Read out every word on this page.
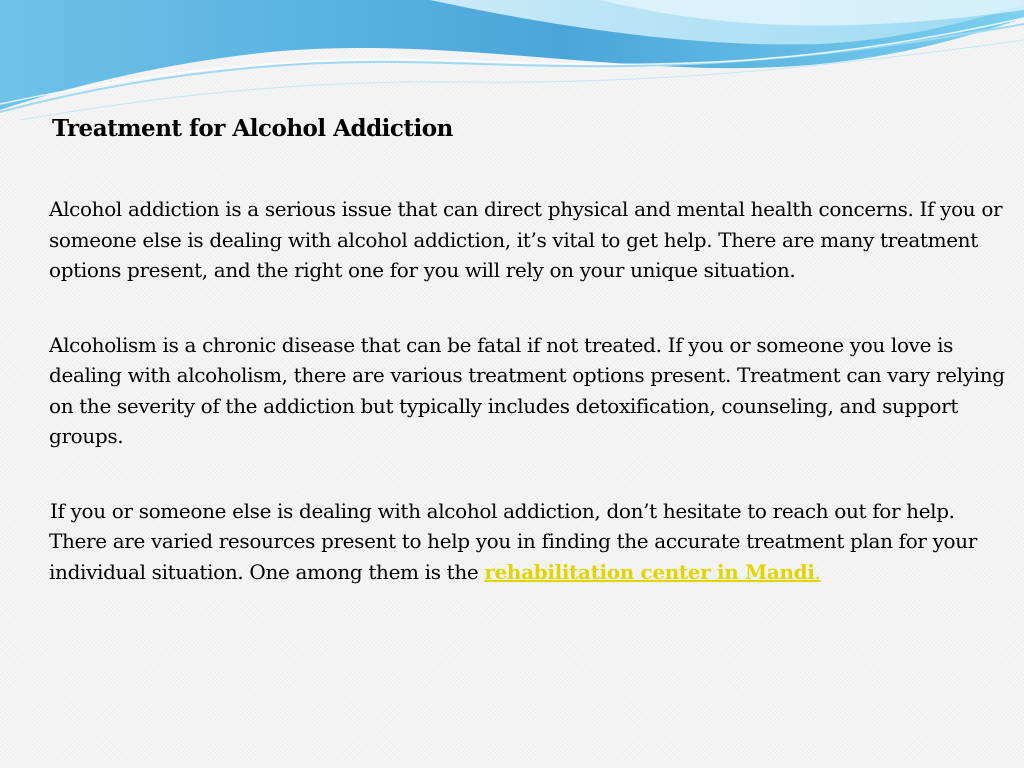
Treatment for Alcohol Addiction

Alcohol addiction is a serious issue that can direct physical and mental health concerns. If you or someone else is dealing with alcohol addiction, it’s vital to get help. There are many treatment options present, and the right one for you will rely on your unique situation.

Alcoholism is a chronic disease that can be fatal if not treated. If you or someone you love is dealing with alcoholism, there are various treatment options present. Treatment can vary relying on the severity of the addiction but typically includes detoxification, counseling, and support groups.

If you or someone else is dealing with alcohol addiction, don’t hesitate to reach out for help. There are varied resources present to help you in finding the accurate treatment plan for your individual situation. One among them is the rehabilitation center in Mandi.
